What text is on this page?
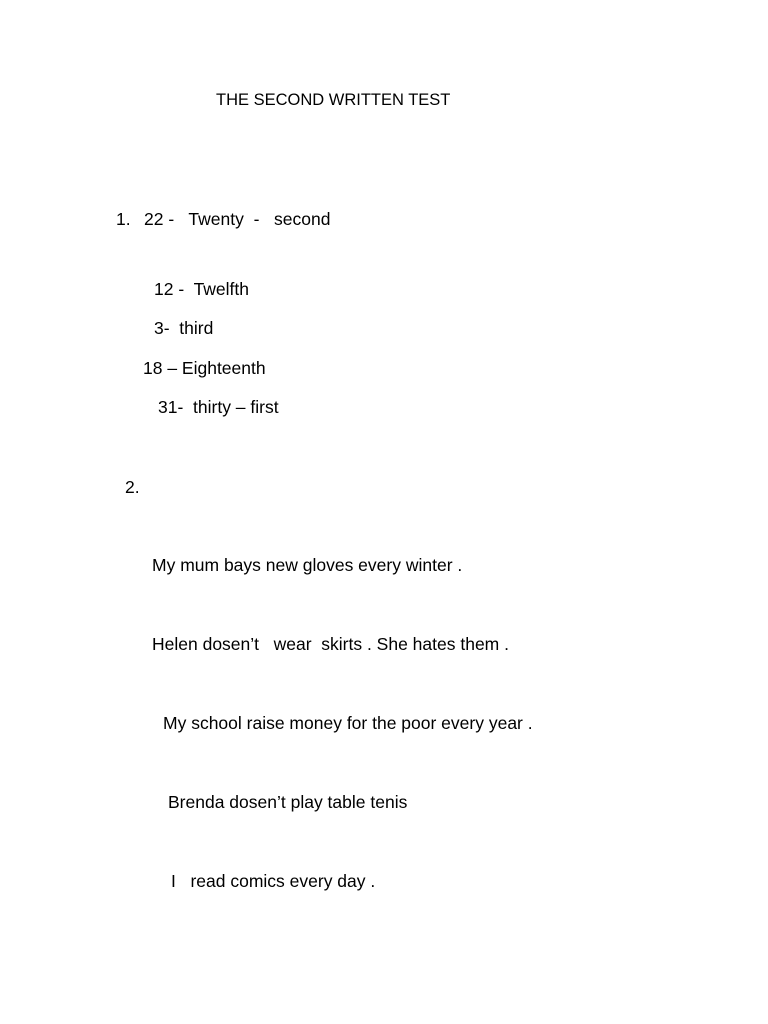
THE SECOND WRITTEN TEST
1. 22 -   Twenty  -   second
12 -  Twelfth
3-  third
18 – Eighteenth
31-  thirty – first
2.
My mum bays new gloves every winter .
Helen dosen’t   wear  skirts . She hates them .
My school raise money for the poor every year .
Brenda dosen’t play table tenis
I   read comics every day .
